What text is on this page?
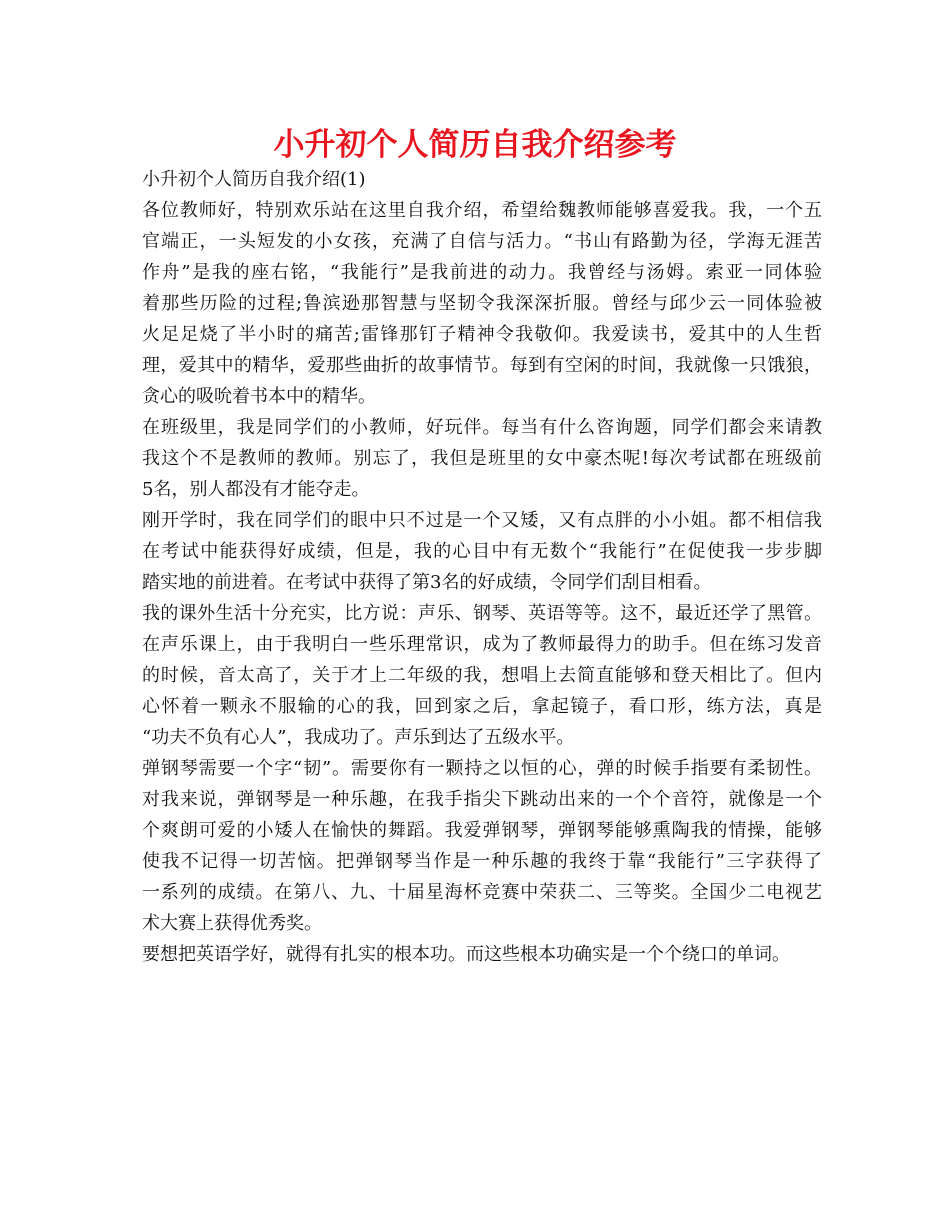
小升初个人简历自我介绍参考

小升初个人简历自我介绍(1)

各位教师好，特别欢乐站在这里自我介绍，希望给魏教师能够喜爱我。我，一个五

官端正，一头短发的小女孩，充满了自信与活力。“书山有路勤为径，学海无涯苦

作舟”是我的座右铭，“我能行”是我前进的动力。我曾经与汤姆。索亚一同体验

着那些历险的过程;鲁滨逊那智慧与坚韧令我深深折服。曾经与邱少云一同体验被

火足足烧了半小时的痛苦;雷锋那钉子精神令我敬仰。我爱读书，爱其中的人生哲

理，爱其中的精华，爱那些曲折的故事情节。每到有空闲的时间，我就像一只饿狼，

贪心的吸吮着书本中的精华。

在班级里，我是同学们的小教师，好玩伴。每当有什么咨询题，同学们都会来请教

我这个不是教师的教师。别忘了，我但是班里的女中豪杰呢!每次考试都在班级前

5名，别人都没有才能夺走。

刚开学时，我在同学们的眼中只不过是一个又矮，又有点胖的小小姐。都不相信我

在考试中能获得好成绩，但是，我的心目中有无数个“我能行”在促使我一步步脚

踏实地的前进着。在考试中获得了第3名的好成绩，令同学们刮目相看。

我的课外生活十分充实，比方说：声乐、钢琴、英语等等。这不，最近还学了黑管。

在声乐课上，由于我明白一些乐理常识，成为了教师最得力的助手。但在练习发音

的时候，音太高了，关于才上二年级的我，想唱上去简直能够和登天相比了。但内

心怀着一颗永不服输的心的我，回到家之后，拿起镜子，看口形，练方法，真是

“功夫不负有心人”，我成功了。声乐到达了五级水平。

弹钢琴需要一个字“韧”。需要你有一颗持之以恒的心，弹的时候手指要有柔韧性。

对我来说，弹钢琴是一种乐趣，在我手指尖下跳动出来的一个个音符，就像是一个

个爽朗可爱的小矮人在愉快的舞蹈。我爱弹钢琴，弹钢琴能够熏陶我的情操，能够

使我不记得一切苦恼。把弹钢琴当作是一种乐趣的我终于靠“我能行”三字获得了

一系列的成绩。在第八、九、十届星海杯竞赛中荣获二、三等奖。全国少二电视艺

术大赛上获得优秀奖。

要想把英语学好，就得有扎实的根本功。而这些根本功确实是一个个绕口的单词。
